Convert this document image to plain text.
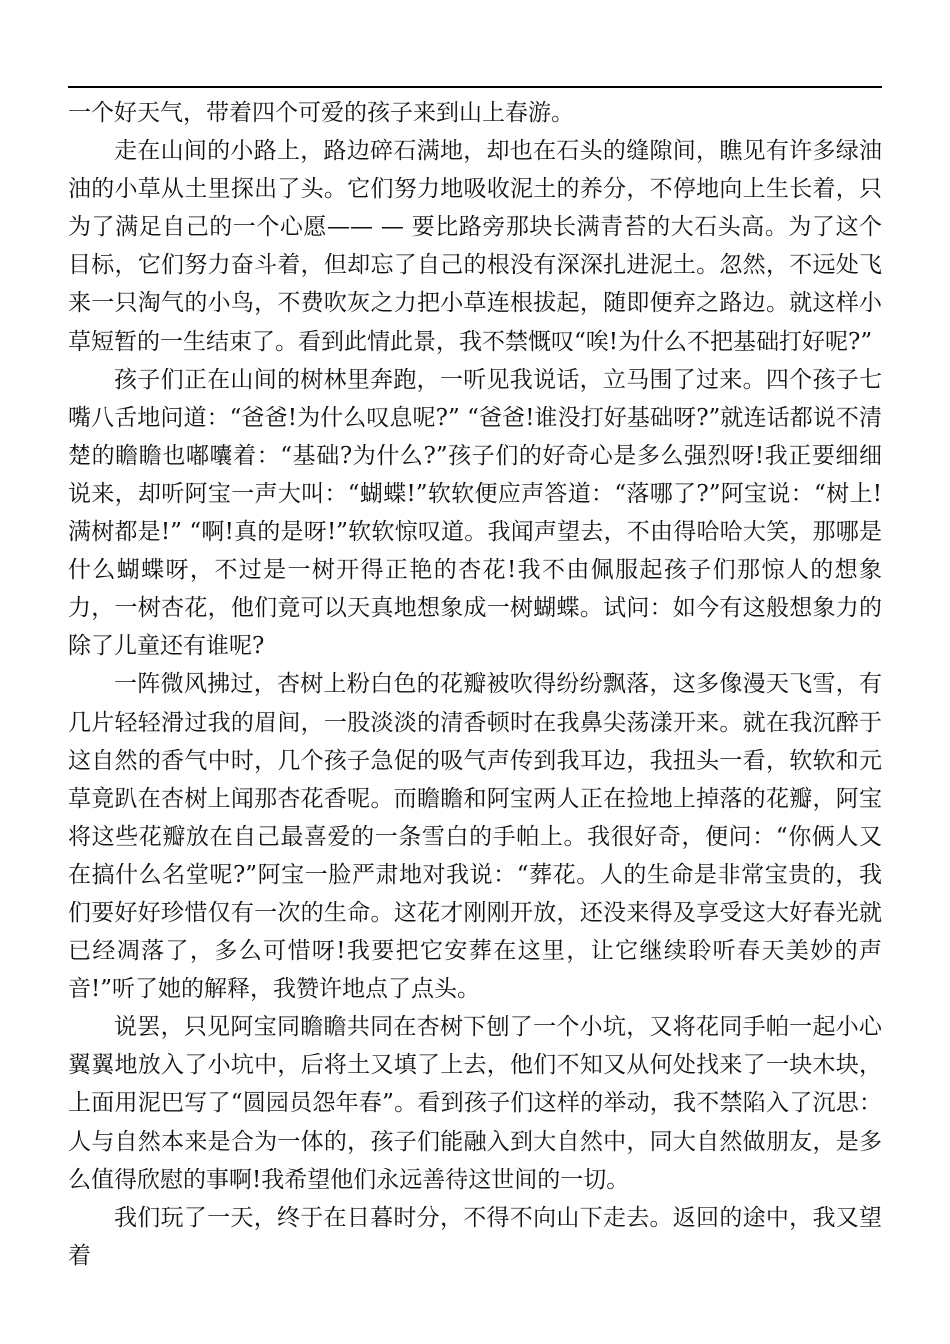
一个好天气，带着四个可爱的孩子来到山上春游。

走在山间的小路上，路边碎石满地，却也在石头的缝隙间，瞧见有许多绿油油的小草从土里探出了头。它们努力地吸收泥土的养分，不停地向上生长着，只为了满足自己的一个心愿—— — 要比路旁那块长满青苔的大石头高。为了这个目标，它们努力奋斗着，但却忘了自己的根没有深深扎进泥土。忽然，不远处飞来一只淘气的小鸟，不费吹灰之力把小草连根拔起，随即便弃之路边。就这样小草短暂的一生结束了。看到此情此景，我不禁慨叹“唉!为什么不把基础打好呢?”

孩子们正在山间的树林里奔跑，一听见我说话，立马围了过来。四个孩子七嘴八舌地问道：“爸爸!为什么叹息呢?” “爸爸!谁没打好基础呀?”就连话都说不清楚的瞻瞻也嘟囔着：“基础?为什么?”孩子们的好奇心是多么强烈呀!我正要细细说来，却听阿宝一声大叫：“蝴蝶!”软软便应声答道：“落哪了?”阿宝说：“树上!满树都是!” “啊!真的是呀!”软软惊叹道。我闻声望去，不由得哈哈大笑，那哪是什么蝴蝶呀，不过是一树开得正艳的杏花!我不由佩服起孩子们那惊人的想象力，一树杏花，他们竟可以天真地想象成一树蝴蝶。试问：如今有这般想象力的除了儿童还有谁呢?

一阵微风拂过，杏树上粉白色的花瓣被吹得纷纷飘落，这多像漫天飞雪，有几片轻轻滑过我的眉间，一股淡淡的清香顿时在我鼻尖荡漾开来。就在我沉醉于这自然的香气中时，几个孩子急促的吸气声传到我耳边，我扭头一看，软软和元草竟趴在杏树上闻那杏花香呢。而瞻瞻和阿宝两人正在捡地上掉落的花瓣，阿宝将这些花瓣放在自己最喜爱的一条雪白的手帕上。我很好奇，便问：“你俩人又在搞什么名堂呢?”阿宝一脸严肃地对我说：“葬花。人的生命是非常宝贵的，我们要好好珍惜仅有一次的生命。这花才刚刚开放，还没来得及享受这大好春光就已经凋落了，多么可惜呀!我要把它安葬在这里，让它继续聆听春天美妙的声音!”听了她的解释，我赞许地点了点头。

说罢，只见阿宝同瞻瞻共同在杏树下刨了一个小坑，又将花同手帕一起小心翼翼地放入了小坑中，后将土又填了上去，他们不知又从何处找来了一块木块，上面用泥巴写了“圆园员怨年春”。看到孩子们这样的举动，我不禁陷入了沉思：人与自然本来是合为一体的，孩子们能融入到大自然中，同大自然做朋友，是多么值得欣慰的事啊!我希望他们永远善待这世间的一切。

我们玩了一天，终于在日暮时分，不得不向山下走去。返回的途中，我又望着
